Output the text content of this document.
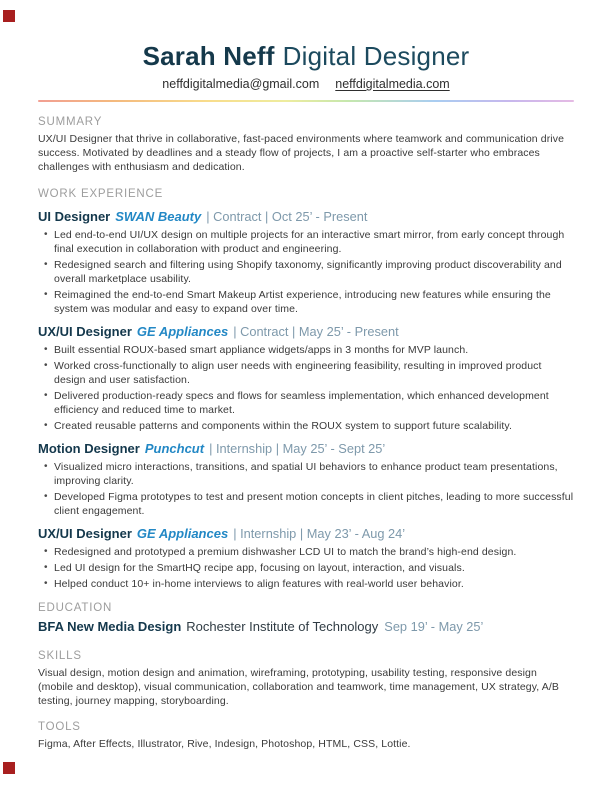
Sarah Neff Digital Designer
neffdigitalmedia@gmail.com neffdigitalmedia.com
SUMMARY
UX/UI Designer that thrive in collaborative, fast-paced environments where teamwork and communication drive success. Motivated by deadlines and a steady flow of projects, I am a proactive self-starter who embraces challenges with enthusiasm and dedication.
WORK EXPERIENCE
UI Designer SWAN Beauty | Contract | Oct 25’ - Present
• Led end-to-end UI/UX design on multiple projects for an interactive smart mirror, from early concept through final execution in collaboration with product and engineering.
• Redesigned search and filtering using Shopify taxonomy, significantly improving product discoverability and overall marketplace usability.
• Reimagined the end-to-end Smart Makeup Artist experience, introducing new features while ensuring the system was modular and easy to expand over time.
UX/UI Designer GE Appliances | Contract | May 25’ - Present
• Built essential ROUX-based smart appliance widgets/apps in 3 months for MVP launch.
• Worked cross-functionally to align user needs with engineering feasibility, resulting in improved product design and user satisfaction.
• Delivered production-ready specs and flows for seamless implementation, which enhanced development efficiency and reduced time to market.
• Created reusable patterns and components within the ROUX system to support future scalability.
Motion Designer Punchcut | Internship | May 25’ - Sept 25’
• Visualized micro interactions, transitions, and spatial UI behaviors to enhance product team presentations, improving clarity.
• Developed Figma prototypes to test and present motion concepts in client pitches, leading to more successful client engagement.
UX/UI Designer GE Appliances | Internship | May 23’ - Aug 24’
• Redesigned and prototyped a premium dishwasher LCD UI to match the brand’s high-end design.
• Led UI design for the SmartHQ recipe app, focusing on layout, interaction, and visuals.
• Helped conduct 10+ in-home interviews to align features with real-world user behavior.
EDUCATION
BFA New Media Design Rochester Institute of Technology Sep 19’ - May 25’
SKILLS
Visual design, motion design and animation, wireframing, prototyping, usability testing, responsive design (mobile and desktop), visual communication, collaboration and teamwork, time management, UX strategy, A/B testing, journey mapping, storyboarding.
TOOLS
Figma, After Effects, Illustrator, Rive, Indesign, Photoshop, HTML, CSS, Lottie.
